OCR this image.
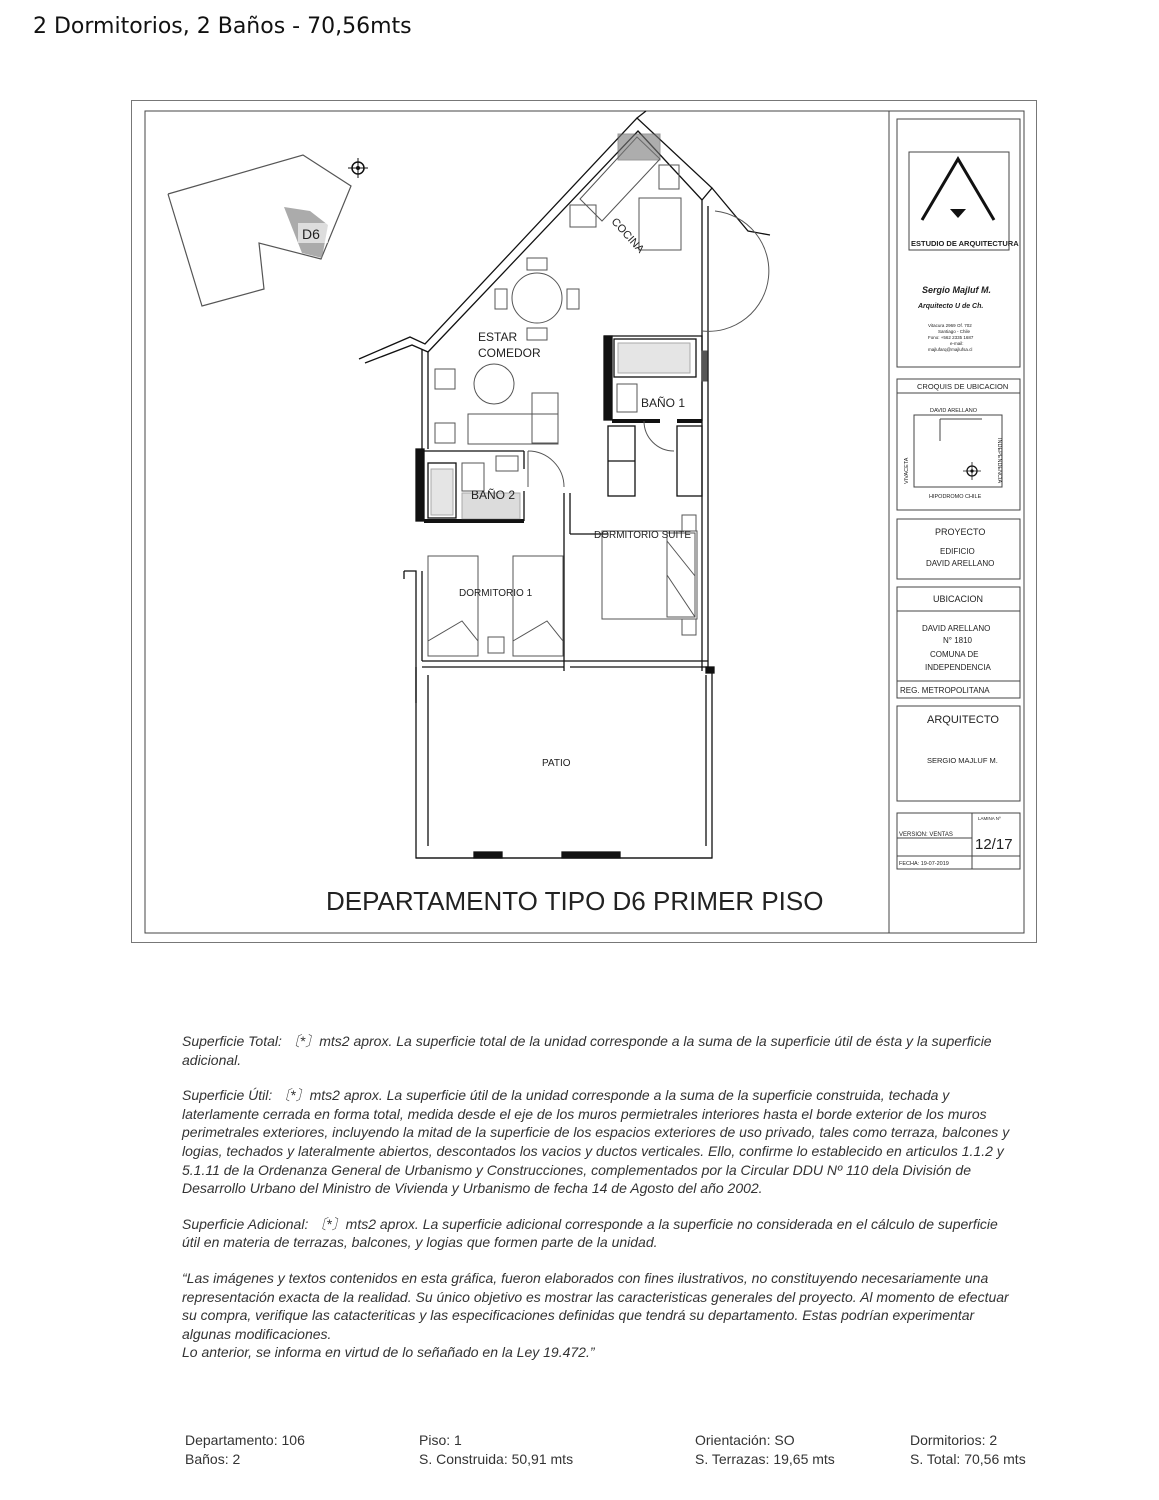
2 Dormitorios, 2 Baños - 70,56mts
D6	COCINA
ESTAR
COMEDOR
BAÑO 1
BAÑO 2
DORMITORIO SUITE
DORMITORIO 1
PATIO
DEPARTAMENTO TIPO D6 PRIMER PISO
ESTUDIO DE ARQUITECTURA
Sergio Majluf M.
Arquitecto U de Ch.
Vitacura 2969 Of. 702
Santiago - Chile
Fono: +562 2335 1687
e-mail:
majlufarq@majlufsa.cl
CROQUIS DE UBICACION
DAVID ARELLANO
HIPODROMO CHILE
VIVACETA	INDEPENDENCIA
PROYECTO
EDIFICIO
DAVID ARELLANO
UBICACION
DAVID ARELLANO
N° 1810
COMUNA DE
INDEPENDENCIA
REG. METROPOLITANA
ARQUITECTO
SERGIO MAJLUF M.
LAMINA Nº
VERSION: VENTAS
12/17
FECHA: 19-07-2019

Superficie Total: 〔*〕mts2 aprox. La superficie total de la unidad corresponde a la suma de la superficie útil de ésta y la superficie adicional.

Superficie Útil: 〔*〕mts2 aprox. La superficie útil de la unidad corresponde a la suma de la superficie construida, techada y laterlamente cerrada en forma total, medida desde el eje de los muros permietrales interiores hasta el borde exterior de los muros perimetrales exteriores, incluyendo la mitad de la superficie de los espacios exteriores de uso privado, tales como terraza, balcones y logias, techados y lateralmente abiertos, descontados los vacios y ductos verticales. Ello, confirme lo establecido en articulos 1.1.2 y 5.1.11 de la Ordenanza General de Urbanismo y Construcciones, complementados por la Circular DDU Nº 110 dela División de Desarrollo Urbano del Ministro de Vivienda y Urbanismo de fecha 14 de Agosto del año 2002.

Superficie Adicional: 〔*〕mts2 aprox. La superficie adicional corresponde a la superficie no considerada en el cálculo de superficie útil en materia de terrazas, balcones, y logias que formen parte de la unidad.

“Las imágenes y textos contenidos en esta gráfica, fueron elaborados con fines ilustrativos, no constituyendo necesariamente una representación exacta de la realidad. Su único objetivo es mostrar las caracteristicas generales del proyecto. Al momento de efectuar su compra, verifique las catacteriticas y las especificaciones definidas que tendrá su departamento. Estas podrían experimentar algunas modificaciones.
Lo anterior, se informa en virtud de lo señañado en la Ley 19.472.”

Departamento: 106
Baños: 2
Piso: 1
S. Construida: 50,91 mts
Orientación: SO
S. Terrazas: 19,65 mts
Dormitorios: 2
S. Total: 70,56 mts
